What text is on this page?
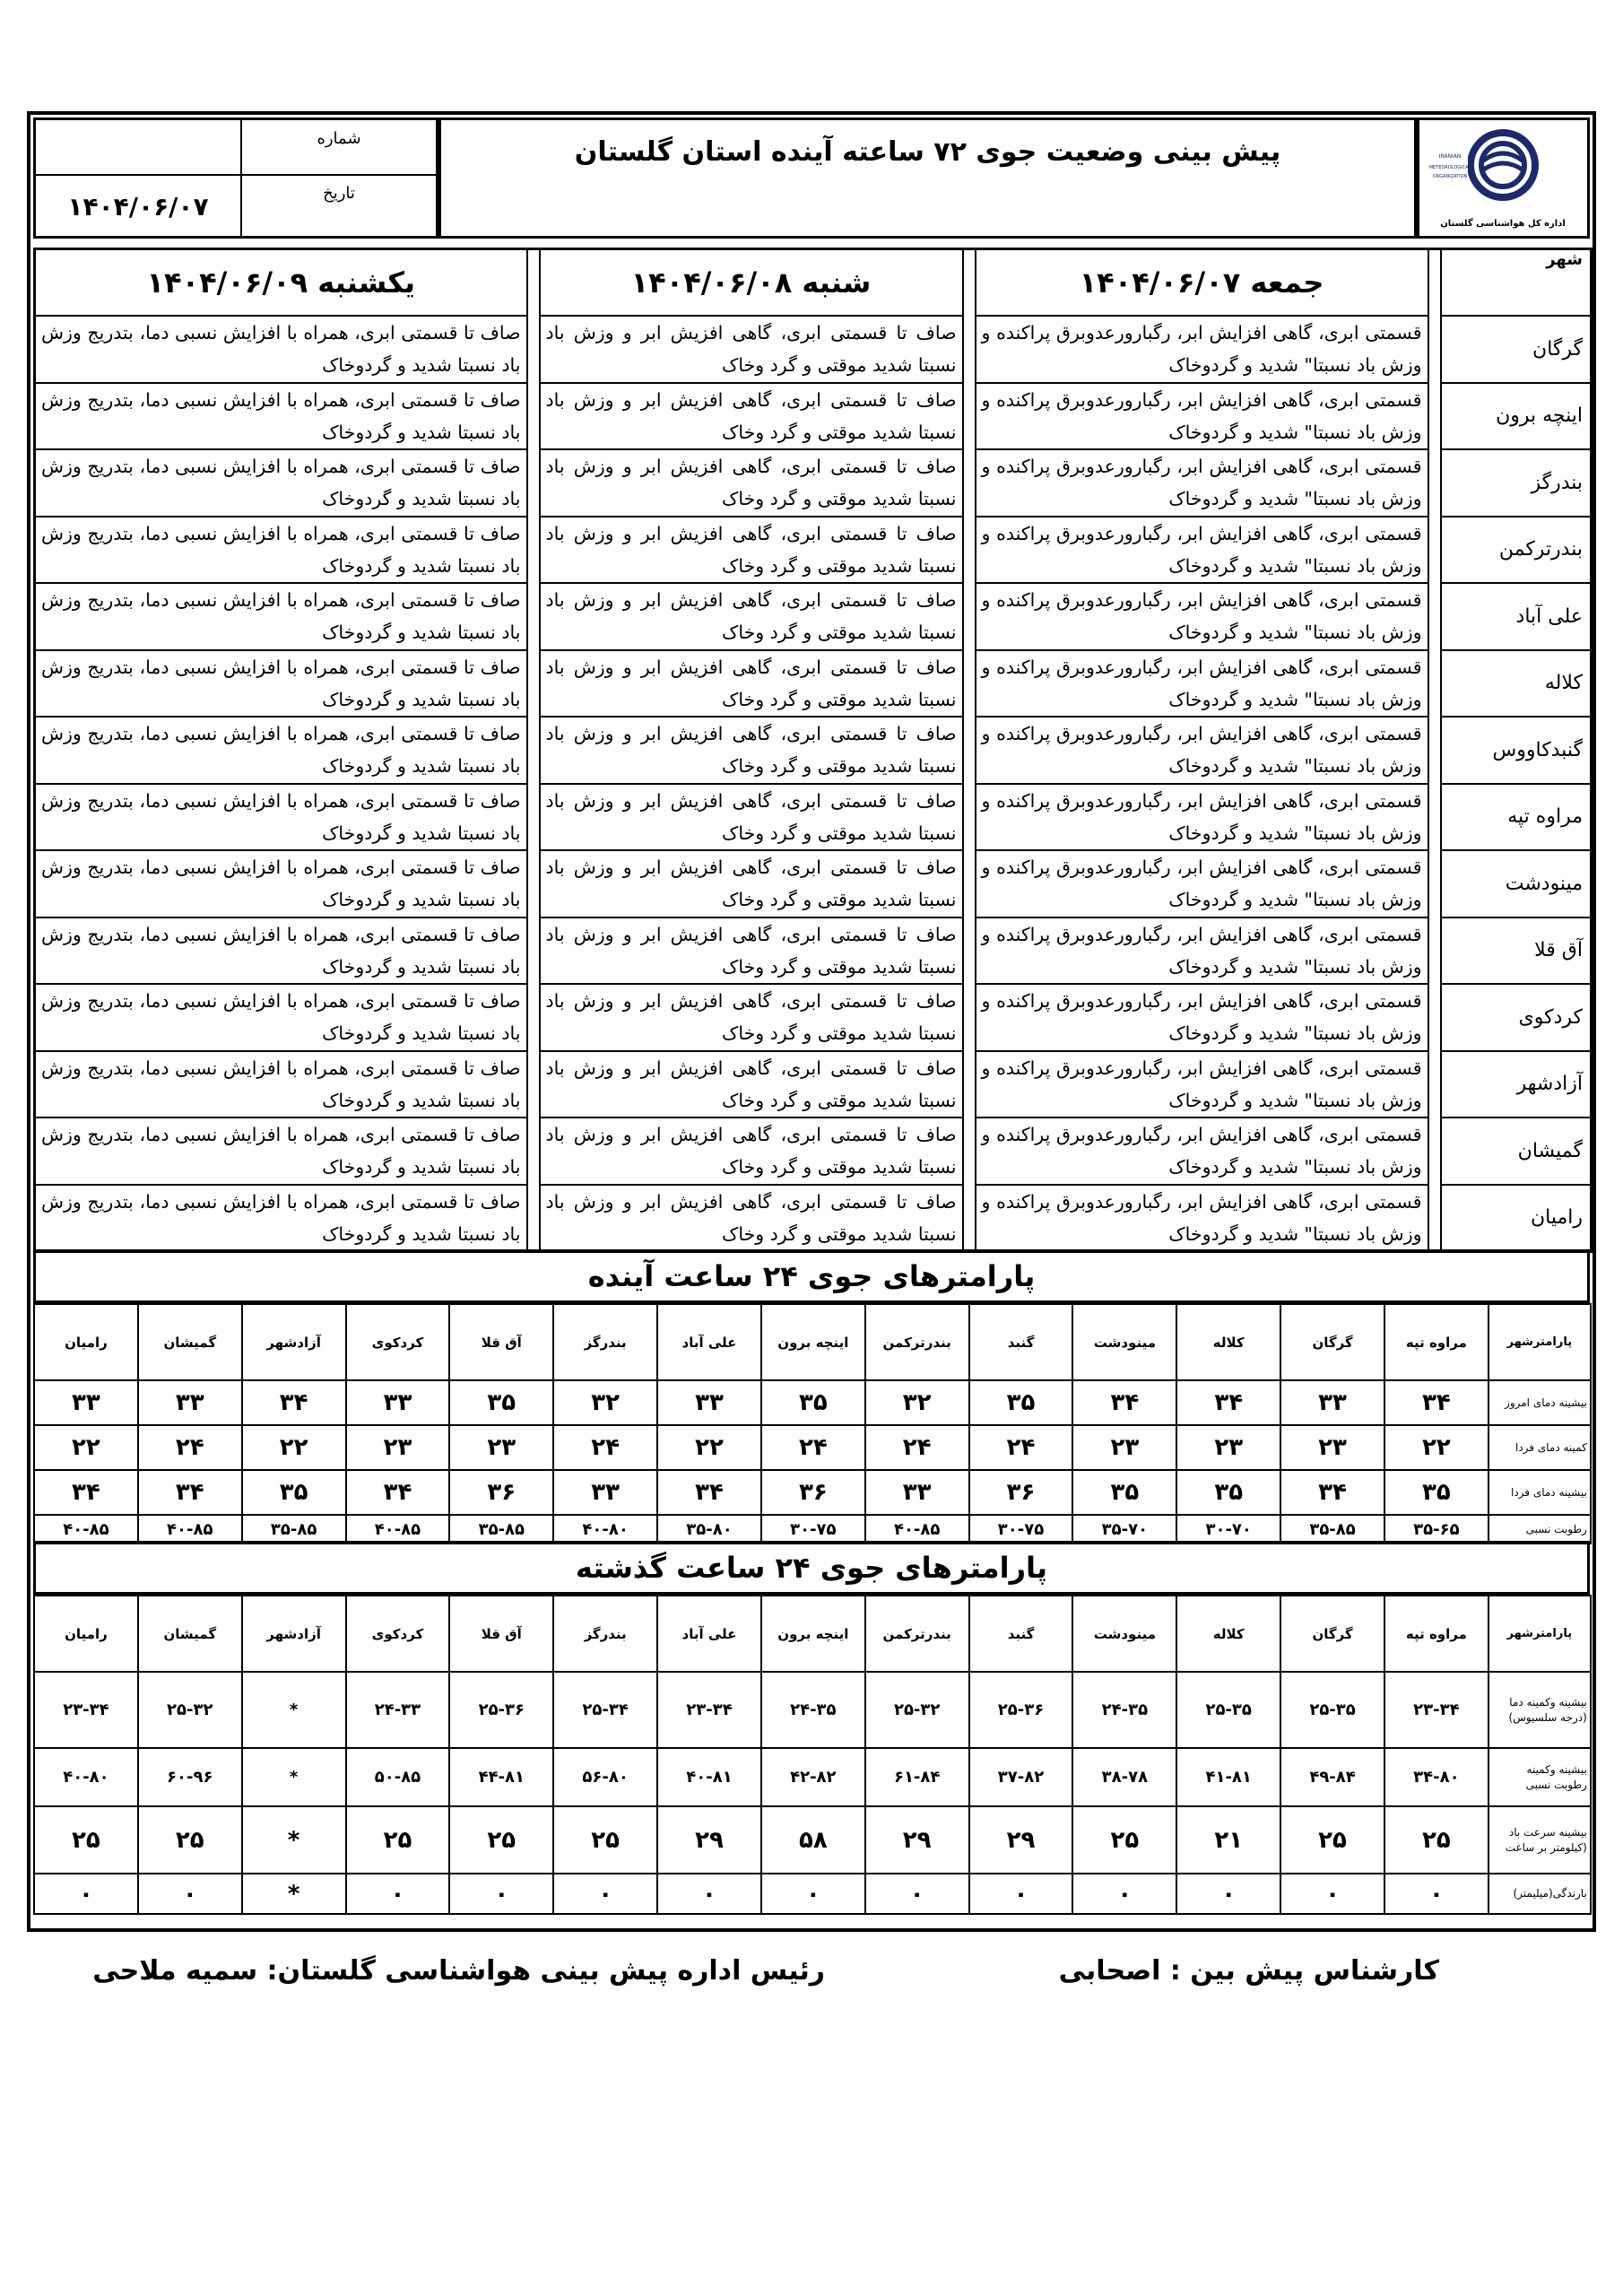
IRANIAN
METEOROLOGICAL
ORGANIZATION
اداره کل هواشناسی گلستان
پیش بینی وضعیت جوی ۷۲ ساعته آینده استان گلستان
شماره
۱۴۰۴/۰۶/۰۷	تاریخ
شهر		جمعه ۱۴۰۴/۰۶/۰۷		شنبه ۱۴۰۴/۰۶/۰۸		یکشنبه ۱۴۰۴/۰۶/۰۹
گرگان		قسمتی ابری، گاهی افزایش ابر، رگبارورعدوبرق پراکنده و وزش باد نسبتا" شدید و گردوخاک		صاف تا قسمتی ابری، گاهی افزیش ابر و وزش باد نسبتا شدید موقتی و گرد وخاک		صاف تا قسمتی ابری، همراه با افزایش نسبی دما، بتدریج وزش باد نسبتا شدید و گردوخاک
اینچه برون		قسمتی ابری، گاهی افزایش ابر، رگبارورعدوبرق پراکنده و وزش باد نسبتا" شدید و گردوخاک		صاف تا قسمتی ابری، گاهی افزیش ابر و وزش باد نسبتا شدید موقتی و گرد وخاک		صاف تا قسمتی ابری، همراه با افزایش نسبی دما، بتدریج وزش باد نسبتا شدید و گردوخاک
بندرگز		قسمتی ابری، گاهی افزایش ابر، رگبارورعدوبرق پراکنده و وزش باد نسبتا" شدید و گردوخاک		صاف تا قسمتی ابری، گاهی افزیش ابر و وزش باد نسبتا شدید موقتی و گرد وخاک		صاف تا قسمتی ابری، همراه با افزایش نسبی دما، بتدریج وزش باد نسبتا شدید و گردوخاک
بندرترکمن		قسمتی ابری، گاهی افزایش ابر، رگبارورعدوبرق پراکنده و وزش باد نسبتا" شدید و گردوخاک		صاف تا قسمتی ابری، گاهی افزیش ابر و وزش باد نسبتا شدید موقتی و گرد وخاک		صاف تا قسمتی ابری، همراه با افزایش نسبی دما، بتدریج وزش باد نسبتا شدید و گردوخاک
علی آباد		قسمتی ابری، گاهی افزایش ابر، رگبارورعدوبرق پراکنده و وزش باد نسبتا" شدید و گردوخاک		صاف تا قسمتی ابری، گاهی افزیش ابر و وزش باد نسبتا شدید موقتی و گرد وخاک		صاف تا قسمتی ابری، همراه با افزایش نسبی دما، بتدریج وزش باد نسبتا شدید و گردوخاک
کلاله		قسمتی ابری، گاهی افزایش ابر، رگبارورعدوبرق پراکنده و وزش باد نسبتا" شدید و گردوخاک		صاف تا قسمتی ابری، گاهی افزیش ابر و وزش باد نسبتا شدید موقتی و گرد وخاک		صاف تا قسمتی ابری، همراه با افزایش نسبی دما، بتدریج وزش باد نسبتا شدید و گردوخاک
گنبدکاووس		قسمتی ابری، گاهی افزایش ابر، رگبارورعدوبرق پراکنده و وزش باد نسبتا" شدید و گردوخاک		صاف تا قسمتی ابری، گاهی افزیش ابر و وزش باد نسبتا شدید موقتی و گرد وخاک		صاف تا قسمتی ابری، همراه با افزایش نسبی دما، بتدریج وزش باد نسبتا شدید و گردوخاک
مراوه تپه		قسمتی ابری، گاهی افزایش ابر، رگبارورعدوبرق پراکنده و وزش باد نسبتا" شدید و گردوخاک		صاف تا قسمتی ابری، گاهی افزیش ابر و وزش باد نسبتا شدید موقتی و گرد وخاک		صاف تا قسمتی ابری، همراه با افزایش نسبی دما، بتدریج وزش باد نسبتا شدید و گردوخاک
مینودشت		قسمتی ابری، گاهی افزایش ابر، رگبارورعدوبرق پراکنده و وزش باد نسبتا" شدید و گردوخاک		صاف تا قسمتی ابری، گاهی افزیش ابر و وزش باد نسبتا شدید موقتی و گرد وخاک		صاف تا قسمتی ابری، همراه با افزایش نسبی دما، بتدریج وزش باد نسبتا شدید و گردوخاک
آق قلا		قسمتی ابری، گاهی افزایش ابر، رگبارورعدوبرق پراکنده و وزش باد نسبتا" شدید و گردوخاک		صاف تا قسمتی ابری، گاهی افزیش ابر و وزش باد نسبتا شدید موقتی و گرد وخاک		صاف تا قسمتی ابری، همراه با افزایش نسبی دما، بتدریج وزش باد نسبتا شدید و گردوخاک
کردکوی		قسمتی ابری، گاهی افزایش ابر، رگبارورعدوبرق پراکنده و وزش باد نسبتا" شدید و گردوخاک		صاف تا قسمتی ابری، گاهی افزیش ابر و وزش باد نسبتا شدید موقتی و گرد وخاک		صاف تا قسمتی ابری، همراه با افزایش نسبی دما، بتدریج وزش باد نسبتا شدید و گردوخاک
آزادشهر		قسمتی ابری، گاهی افزایش ابر، رگبارورعدوبرق پراکنده و وزش باد نسبتا" شدید و گردوخاک		صاف تا قسمتی ابری، گاهی افزیش ابر و وزش باد نسبتا شدید موقتی و گرد وخاک		صاف تا قسمتی ابری، همراه با افزایش نسبی دما، بتدریج وزش باد نسبتا شدید و گردوخاک
گمیشان		قسمتی ابری، گاهی افزایش ابر، رگبارورعدوبرق پراکنده و وزش باد نسبتا" شدید و گردوخاک		صاف تا قسمتی ابری، گاهی افزیش ابر و وزش باد نسبتا شدید موقتی و گرد وخاک		صاف تا قسمتی ابری، همراه با افزایش نسبی دما، بتدریج وزش باد نسبتا شدید و گردوخاک
رامیان		قسمتی ابری، گاهی افزایش ابر، رگبارورعدوبرق پراکنده و وزش باد نسبتا" شدید و گردوخاک		صاف تا قسمتی ابری، گاهی افزیش ابر و وزش باد نسبتا شدید موقتی و گرد وخاک		صاف تا قسمتی ابری، همراه با افزایش نسبی دما، بتدریج وزش باد نسبتا شدید و گردوخاک
پارامترهای جوی ۲۴ ساعت آینده
پارامترشهر	مراوه تپه	گرگان	کلاله	مینودشت	گنبد	بندرترکمن	اینچه برون	علی آباد	بندرگز	آق قلا	کردکوی	آزادشهر	گمیشان	رامیان
بیشینه دمای امروز	۳۴	۳۳	۳۴	۳۴	۳۵	۳۲	۳۵	۳۳	۳۲	۳۵	۳۳	۳۴	۳۳	۳۳
کمینه دمای فردا	۲۲	۲۳	۲۳	۲۳	۲۴	۲۴	۲۴	۲۲	۲۴	۲۳	۲۳	۲۲	۲۴	۲۲
بیشینه دمای فردا	۳۵	۳۴	۳۵	۳۵	۳۶	۳۳	۳۶	۳۴	۳۳	۳۶	۳۴	۳۵	۳۴	۳۴
رطوبت نسبی	۳۵-۶۵	۳۵-۸۵	۳۰-۷۰	۳۵-۷۰	۳۰-۷۵	۴۰-۸۵	۳۰-۷۵	۳۵-۸۰	۴۰-۸۰	۳۵-۸۵	۴۰-۸۵	۳۵-۸۵	۴۰-۸۵	۴۰-۸۵
پارامترهای جوی ۲۴ ساعت گذشته
پارامترشهر	مراوه تپه	گرگان	کلاله	مینودشت	گنبد	بندرترکمن	اینچه برون	علی آباد	بندرگز	آق قلا	کردکوی	آزادشهر	گمیشان	رامیان
بیشینه وکمینه دما (درجه سلسیوس)	۲۳-۳۴	۲۵-۳۵	۲۵-۳۵	۲۴-۳۵	۲۵-۳۶	۲۵-۳۲	۲۴-۳۵	۲۳-۳۴	۲۵-۳۴	۲۵-۳۶	۲۴-۳۳	*	۲۵-۳۲	۲۳-۳۴
بیشینه وکمینه رطوبت نسبی	۳۴-۸۰	۴۹-۸۴	۴۱-۸۱	۳۸-۷۸	۳۷-۸۲	۶۱-۸۴	۴۲-۸۲	۴۰-۸۱	۵۶-۸۰	۴۴-۸۱	۵۰-۸۵	*	۶۰-۹۶	۴۰-۸۰
بیشینه سرعت باد (کیلومتر بر ساعت	۲۵	۲۵	۲۱	۲۵	۲۹	۲۹	۵۸	۲۹	۲۵	۲۵	۲۵	*	۲۵	۲۵
بارندگی(میلیمتر)	۰	۰	۰	۰	۰	۰	۰	۰	۰	۰	۰	*	۰	۰
کارشناس پیش بین : اصحابی
رئیس اداره پیش بینی هواشناسی گلستان: سمیه ملاحی
